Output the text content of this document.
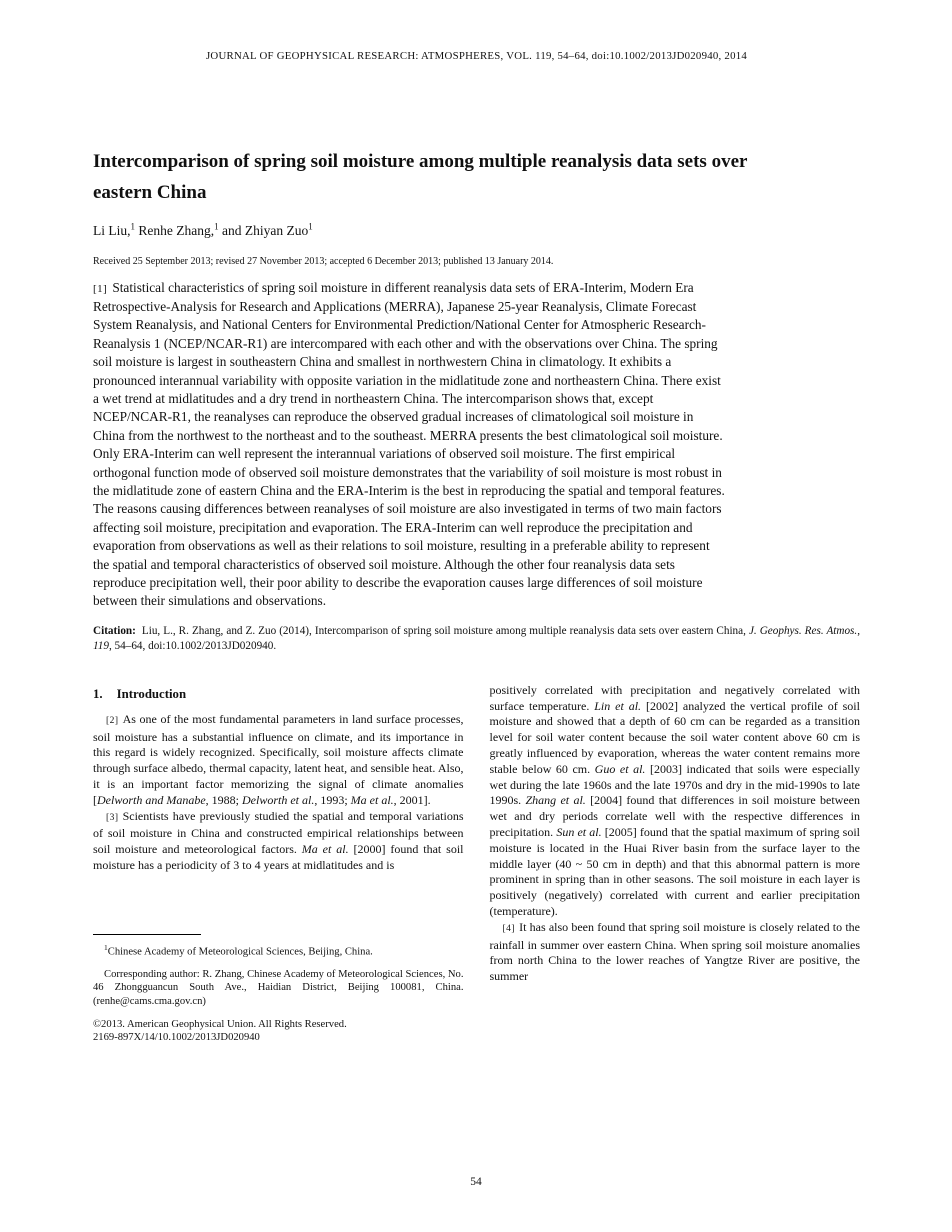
JOURNAL OF GEOPHYSICAL RESEARCH: ATMOSPHERES, VOL. 119, 54–64, doi:10.1002/2013JD020940, 2014
Intercomparison of spring soil moisture among multiple reanalysis data sets over eastern China
Li Liu,$^1$ Renhe Zhang,$^1$ and Zhiyan Zuo$^1$

Received 25 September 2013; revised 27 November 2013; accepted 6 December 2013; published 13 January 2014.

[1] Statistical characteristics of spring soil moisture in different reanalysis data sets of ERA-Interim, Modern Era Retrospective-Analysis for Research and Applications (MERRA), Japanese 25-year Reanalysis, Climate Forecast System Reanalysis, and National Centers for Environmental Prediction/National Center for Atmospheric Research-Reanalysis 1 (NCEP/NCAR-R1) are intercompared with each other and with the observations over China. The spring soil moisture is largest in southeastern China and smallest in northwestern China in climatology. It exhibits a pronounced interannual variability with opposite variation in the midlatitude zone and northeastern China. There exist a wet trend at midlatitudes and a dry trend in northeastern China. The intercomparison shows that, except NCEP/NCAR-R1, the reanalyses can reproduce the observed gradual increases of climatological soil moisture in China from the northwest to the northeast and to the southeast. MERRA presents the best climatological soil moisture. Only ERA-Interim can well represent the interannual variations of observed soil moisture. The first empirical orthogonal function mode of observed soil moisture demonstrates that the variability of soil moisture is most robust in the midlatitude zone of eastern China and the ERA-Interim is the best in reproducing the spatial and temporal features. The reasons causing differences between reanalyses of soil moisture are also investigated in terms of two main factors affecting soil moisture, precipitation and evaporation. The ERA-Interim can well reproduce the precipitation and evaporation from observations as well as their relations to soil moisture, resulting in a preferable ability to represent the spatial and temporal characteristics of observed soil moisture. Although the other four reanalysis data sets reproduce precipitation well, their poor ability to describe the evaporation causes large differences of soil moisture between their simulations and observations.

Citation: Liu, L., R. Zhang, and Z. Zuo (2014), Intercomparison of spring soil moisture among multiple reanalysis data sets over eastern China, J. Geophys. Res. Atmos., 119, 54–64, doi:10.1002/2013JD020940.

1. Introduction

[2] As one of the most fundamental parameters in land surface processes, soil moisture has a substantial influence on climate, and its importance in this regard is widely recognized. Specifically, soil moisture affects climate through surface albedo, thermal capacity, latent heat, and sensible heat. Also, it is an important factor memorizing the signal of climate anomalies [Delworth and Manabe, 1988; Delworth et al., 1993; Ma et al., 2001].

[3] Scientists have previously studied the spatial and temporal variations of soil moisture in China and constructed empirical relationships between soil moisture and meteorological factors. Ma et al. [2000] found that soil moisture has a periodicity of 3 to 4 years at midlatitudes and is

$^1$Chinese Academy of Meteorological Sciences, Beijing, China.

Corresponding author: R. Zhang, Chinese Academy of Meteorological Sciences, No. 46 Zhongguancun South Ave., Haidian District, Beijing 100081, China. (renhe@cams.cma.gov.cn)

©2013. American Geophysical Union. All Rights Reserved.

2169-897X/14/10.1002/2013JD020940

positively correlated with precipitation and negatively correlated with surface temperature. Lin et al. [2002] analyzed the vertical profile of soil moisture and showed that a depth of 60 cm can be regarded as a transition level for soil water content because the soil water content above 60 cm is greatly influenced by evaporation, whereas the water content remains more stable below 60 cm. Guo et al. [2003] indicated that soils were especially wet during the late 1960s and the late 1970s and dry in the mid-1990s to late 1990s. Zhang et al. [2004] found that differences in soil moisture between wet and dry periods correlate well with the respective differences in precipitation. Sun et al. [2005] found that the spatial maximum of spring soil moisture is located in the Huai River basin from the surface layer to the middle layer (40 ~ 50 cm in depth) and that this abnormal pattern is more prominent in spring than in other seasons. The soil moisture in each layer is positively (negatively) correlated with current and earlier precipitation (temperature).

[4] It has also been found that spring soil moisture is closely related to the rainfall in summer over eastern China. When spring soil moisture anomalies from north China to the lower reaches of Yangtze River are positive, the summer

54
